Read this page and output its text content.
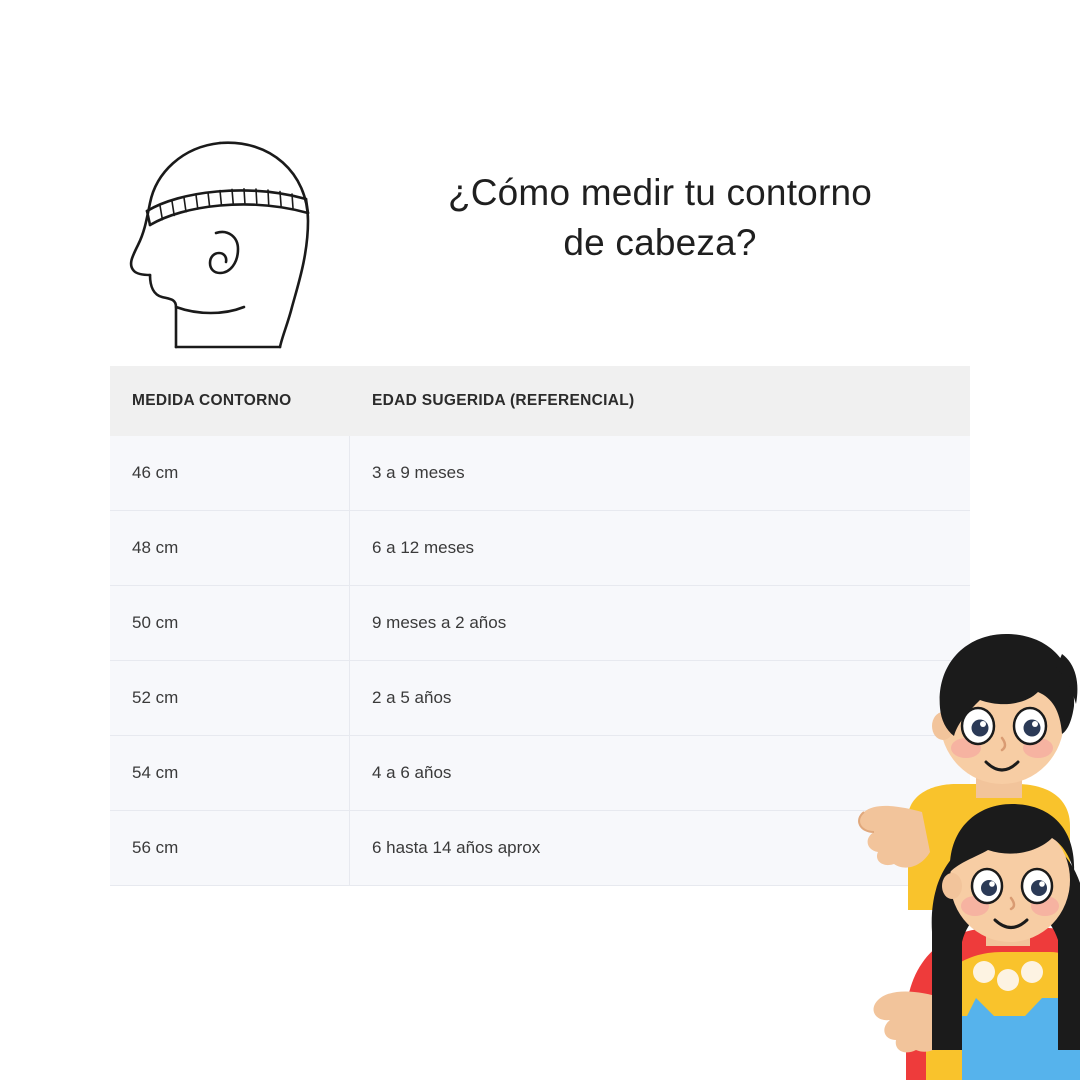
¿Cómo medir tu contorno
de cabeza?
MEDIDA CONTORNO	EDAD SUGERIDA (REFERENCIAL)
46 cm	3 a 9 meses
48 cm	6 a 12 meses
50 cm	9 meses a 2 años
52 cm	2 a 5 años
54 cm	4 a 6 años
56 cm	6 hasta 14 años aprox
